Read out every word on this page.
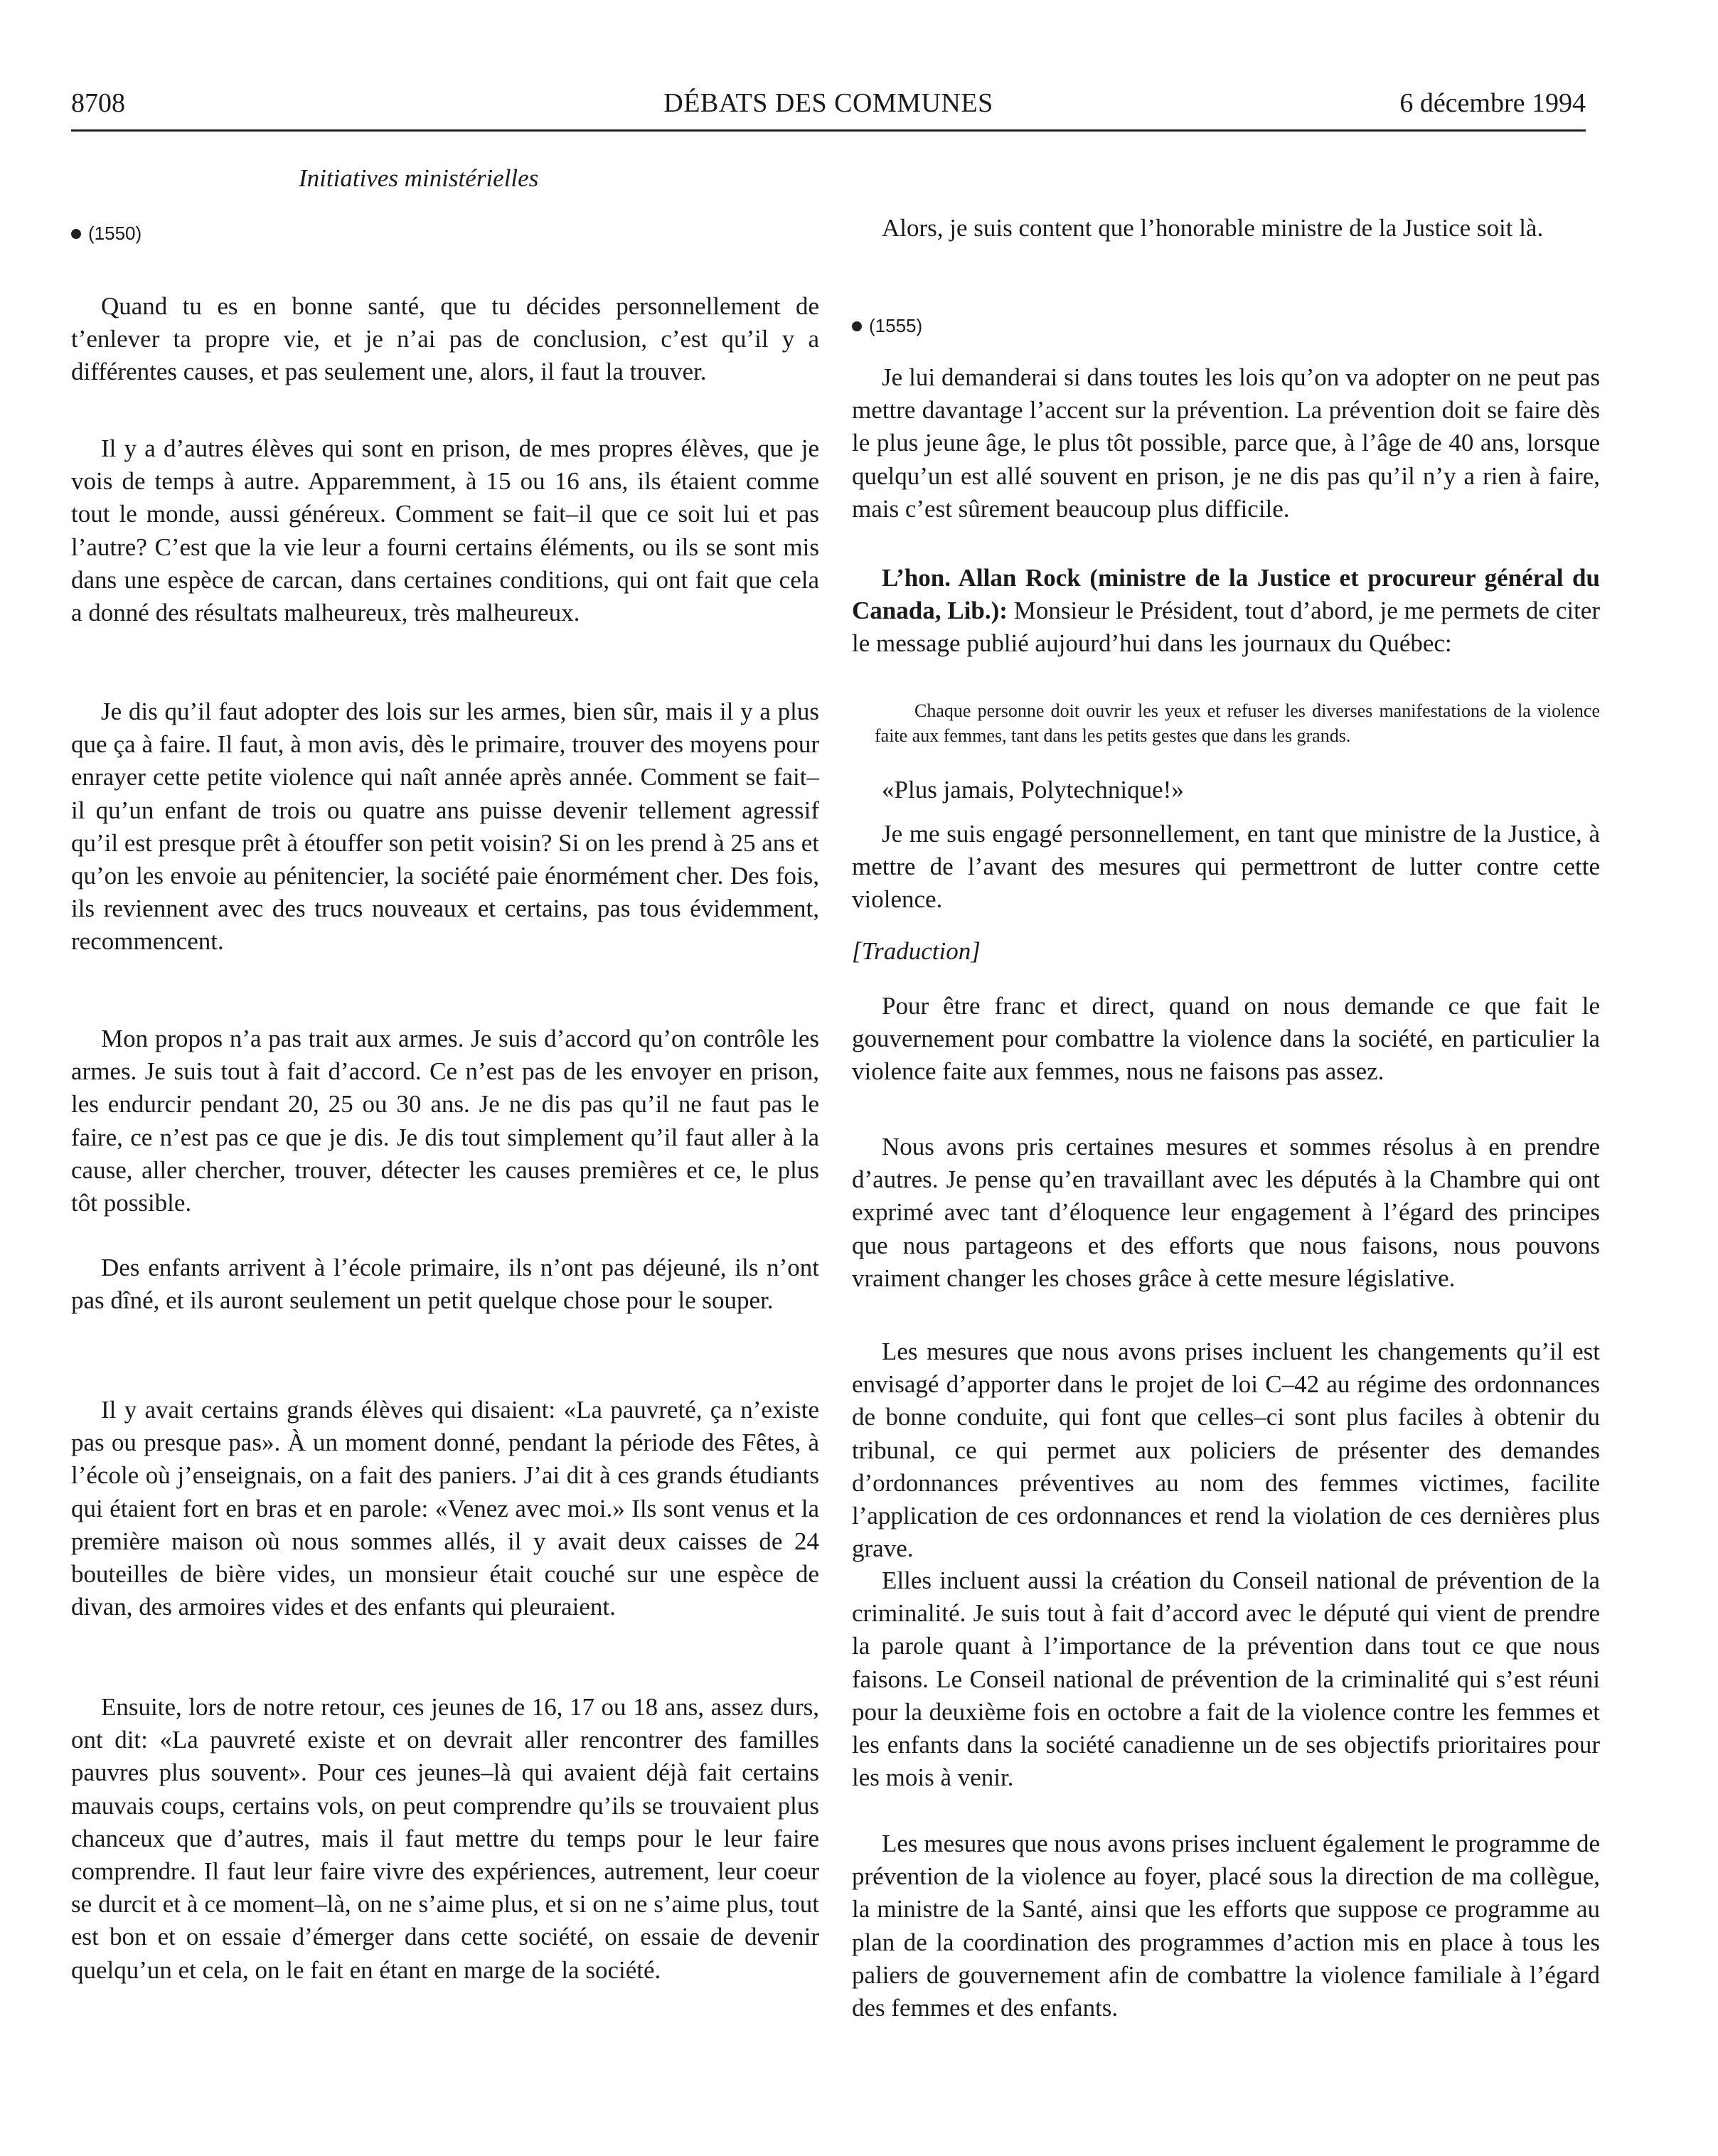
8708	DÉBATS DES COMMUNES	6 décembre 1994
Initiatives ministérielles
(1550)

Quand tu es en bonne santé, que tu décides personnellement de t’enlever ta propre vie, et je n’ai pas de conclusion, c’est qu’il y a différentes causes, et pas seulement une, alors, il faut la trouver.

Il y a d’autres élèves qui sont en prison, de mes propres élèves, que je vois de temps à autre. Apparemment, à 15 ou 16 ans, ils étaient comme tout le monde, aussi généreux. Comment se fait–il que ce soit lui et pas l’autre? C’est que la vie leur a fourni certains éléments, ou ils se sont mis dans une espèce de carcan, dans certaines conditions, qui ont fait que cela a donné des résultats malheureux, très malheureux.

Je dis qu’il faut adopter des lois sur les armes, bien sûr, mais il y a plus que ça à faire. Il faut, à mon avis, dès le primaire, trouver des moyens pour enrayer cette petite violence qui naît année après année. Comment se fait–il qu’un enfant de trois ou quatre ans puisse devenir tellement agressif qu’il est presque prêt à étouffer son petit voisin? Si on les prend à 25 ans et qu’on les envoie au pénitencier, la société paie énormément cher. Des fois, ils reviennent avec des trucs nouveaux et certains, pas tous évidemment, recommencent.

Mon propos n’a pas trait aux armes. Je suis d’accord qu’on contrôle les armes. Je suis tout à fait d’accord. Ce n’est pas de les envoyer en prison, les endurcir pendant 20, 25 ou 30 ans. Je ne dis pas qu’il ne faut pas le faire, ce n’est pas ce que je dis. Je dis tout simplement qu’il faut aller à la cause, aller chercher, trouver, détecter les causes premières et ce, le plus tôt possible.

Des enfants arrivent à l’école primaire, ils n’ont pas déjeuné, ils n’ont pas dîné, et ils auront seulement un petit quelque chose pour le souper.

Il y avait certains grands élèves qui disaient: «La pauvreté, ça n’existe pas ou presque pas». À un moment donné, pendant la période des Fêtes, à l’école où j’enseignais, on a fait des paniers. J’ai dit à ces grands étudiants qui étaient fort en bras et en parole: «Venez avec moi.» Ils sont venus et la première maison où nous sommes allés, il y avait deux caisses de 24 bouteilles de bière vides, un monsieur était couché sur une espèce de divan, des armoires vides et des enfants qui pleuraient.

Ensuite, lors de notre retour, ces jeunes de 16, 17 ou 18 ans, assez durs, ont dit: «La pauvreté existe et on devrait aller rencontrer des familles pauvres plus souvent». Pour ces jeunes–là qui avaient déjà fait certains mauvais coups, certains vols, on peut comprendre qu’ils se trouvaient plus chanceux que d’autres, mais il faut mettre du temps pour le leur faire comprendre. Il faut leur faire vivre des expériences, autrement, leur coeur se durcit et à ce moment–là, on ne s’aime plus, et si on ne s’aime plus, tout est bon et on essaie d’émerger dans cette société, on essaie de devenir quelqu’un et cela, on le fait en étant en marge de la société.

Alors, je suis content que l’honorable ministre de la Justice soit là.

(1555)

Je lui demanderai si dans toutes les lois qu’on va adopter on ne peut pas mettre davantage l’accent sur la prévention. La prévention doit se faire dès le plus jeune âge, le plus tôt possible, parce que, à l’âge de 40 ans, lorsque quelqu’un est allé souvent en prison, je ne dis pas qu’il n’y a rien à faire, mais c’est sûrement beaucoup plus difficile.

L’hon. Allan Rock (ministre de la Justice et procureur général du Canada, Lib.): Monsieur le Président, tout d’abord, je me permets de citer le message publié aujourd’hui dans les journaux du Québec:

Chaque personne doit ouvrir les yeux et refuser les diverses manifestations de la violence faite aux femmes, tant dans les petits gestes que dans les grands.

«Plus jamais, Polytechnique!»

Je me suis engagé personnellement, en tant que ministre de la Justice, à mettre de l’avant des mesures qui permettront de lutter contre cette violence.

[Traduction]

Pour être franc et direct, quand on nous demande ce que fait le gouvernement pour combattre la violence dans la société, en particulier la violence faite aux femmes, nous ne faisons pas assez.

Nous avons pris certaines mesures et sommes résolus à en prendre d’autres. Je pense qu’en travaillant avec les députés à la Chambre qui ont exprimé avec tant d’éloquence leur engagement à l’égard des principes que nous partageons et des efforts que nous faisons, nous pouvons vraiment changer les choses grâce à cette mesure législative.

Les mesures que nous avons prises incluent les changements qu’il est envisagé d’apporter dans le projet de loi C–42 au régime des ordonnances de bonne conduite, qui font que celles–ci sont plus faciles à obtenir du tribunal, ce qui permet aux policiers de présenter des demandes d’ordonnances préventives au nom des femmes victimes, facilite l’application de ces ordonnances et rend la violation de ces dernières plus grave.

Elles incluent aussi la création du Conseil national de prévention de la criminalité. Je suis tout à fait d’accord avec le député qui vient de prendre la parole quant à l’importance de la prévention dans tout ce que nous faisons. Le Conseil national de prévention de la criminalité qui s’est réuni pour la deuxième fois en octobre a fait de la violence contre les femmes et les enfants dans la société canadienne un de ses objectifs prioritaires pour les mois à venir.

Les mesures que nous avons prises incluent également le programme de prévention de la violence au foyer, placé sous la direction de ma collègue, la ministre de la Santé, ainsi que les efforts que suppose ce programme au plan de la coordination des programmes d’action mis en place à tous les paliers de gouvernement afin de combattre la violence familiale à l’égard des femmes et des enfants.
